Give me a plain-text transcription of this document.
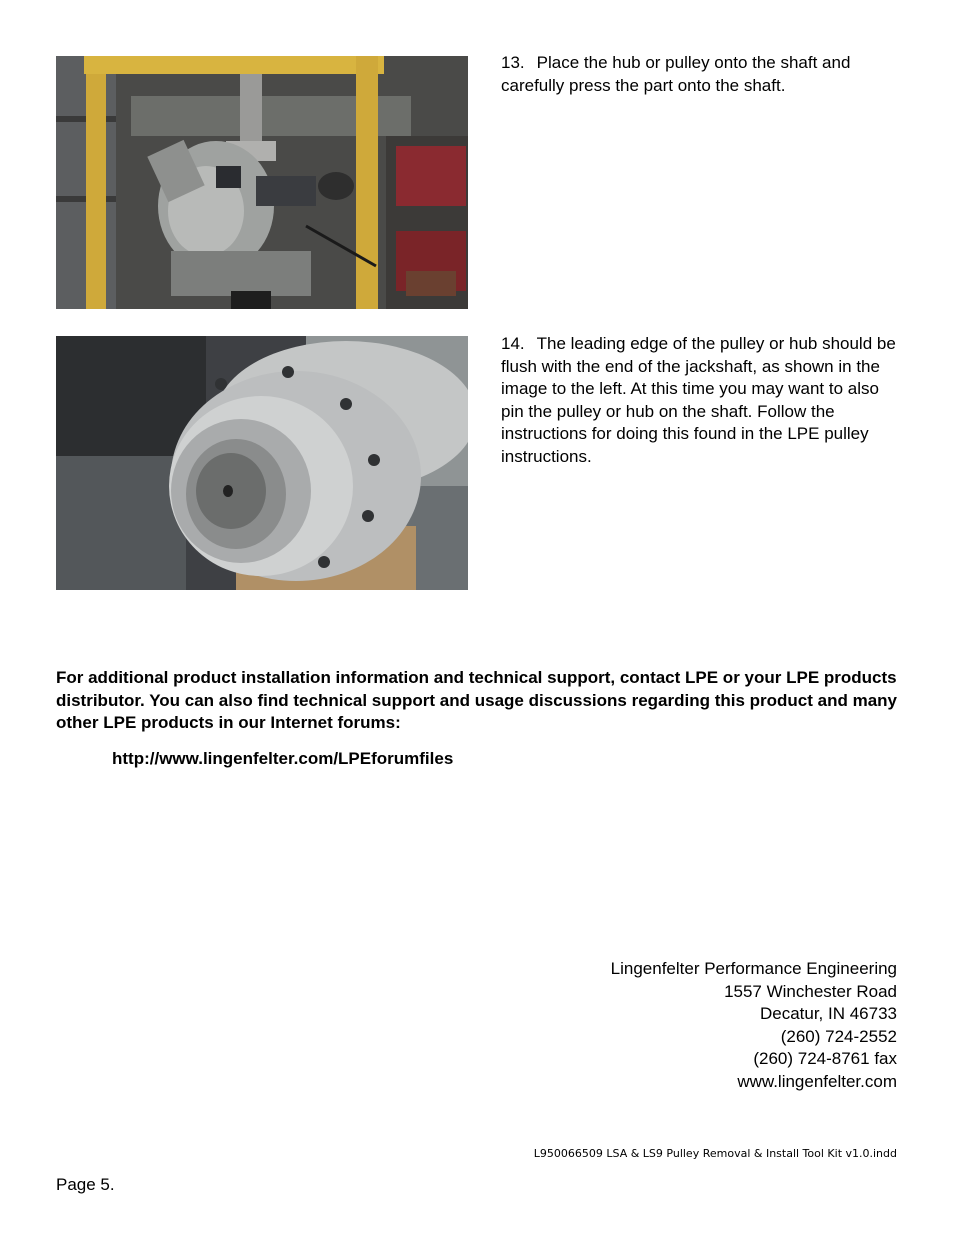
13. Place the hub or pulley onto the shaft and carefully press the part onto the shaft.
14. The leading edge of the pulley or hub should be flush with the end of the jackshaft, as shown in the image to the left. At this time you may want to also pin the pulley or hub on the shaft. Follow the instructions for doing this found in the LPE pulley instructions.
For additional product installation information and technical support, contact LPE or your LPE products distributor. You can also find technical support and usage discussions regarding this product and many other LPE products in our Internet forums:
http://www.lingenfelter.com/LPEforumfiles
Lingenfelter Performance Engineering
1557 Winchester Road
Decatur, IN 46733
(260) 724-2552
(260) 724-8761 fax
www.lingenfelter.com
L950066509 LSA & LS9 Pulley Removal & Install Tool Kit v1.0.indd
Page 5.
